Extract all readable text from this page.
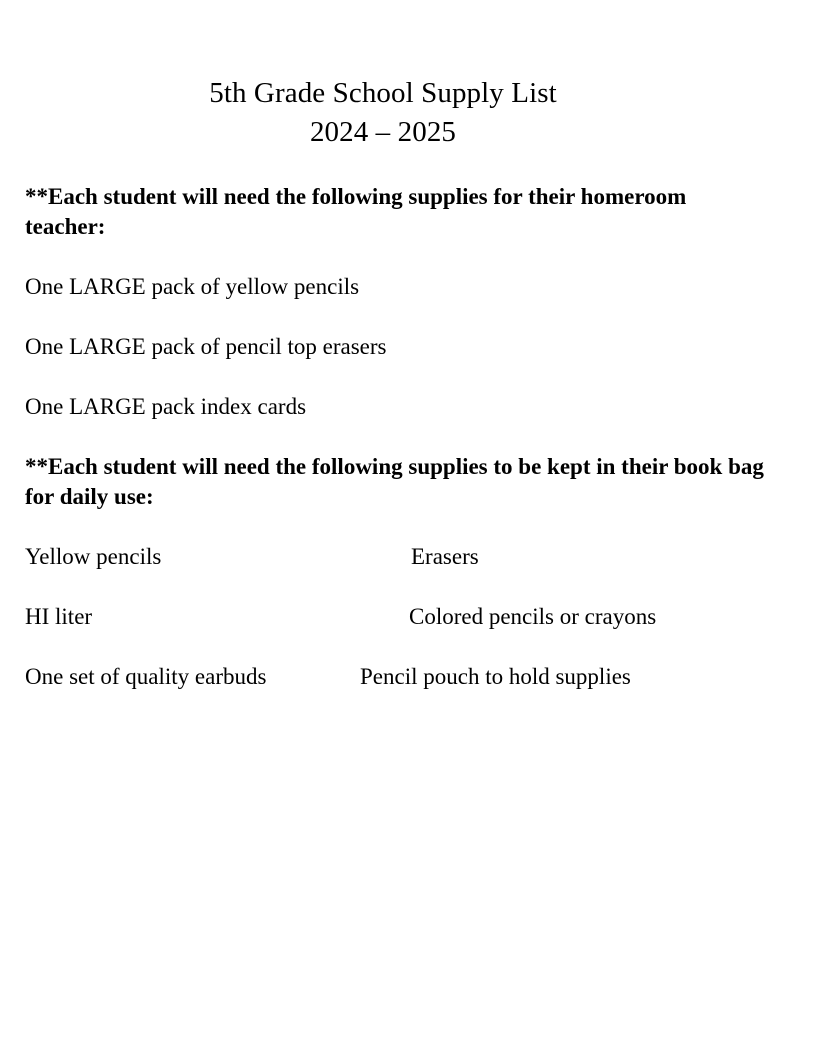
5th Grade School Supply List
2024 – 2025

**Each student will need the following supplies for their homeroom teacher:

One LARGE pack of yellow pencils
One LARGE pack of pencil top erasers
One LARGE pack index cards

**Each student will need the following supplies to be kept in their book bag for daily use:

Yellow pencils	Erasers
HI liter	Colored pencils or crayons
One set of quality earbuds	Pencil pouch to hold supplies
